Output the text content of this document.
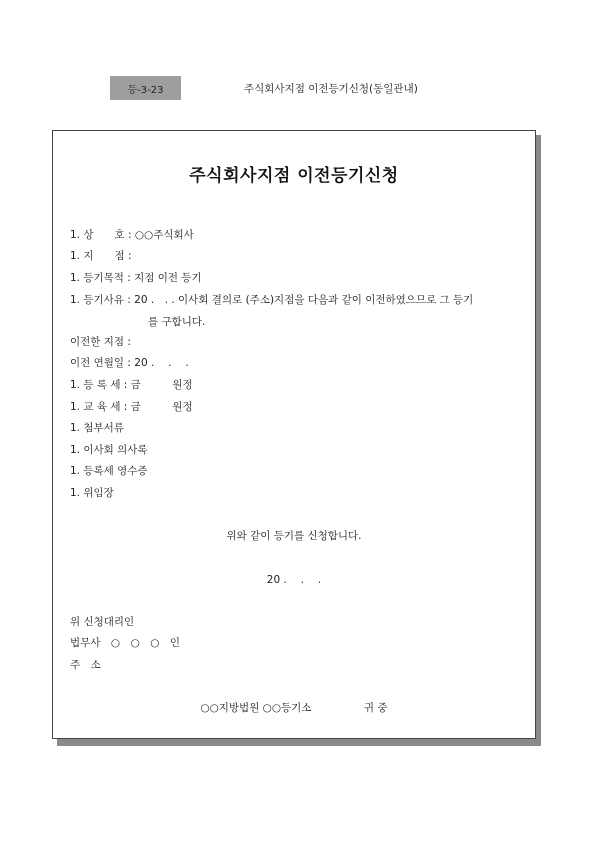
등-3-23	주식회사지점 이전등기신청(동일관내)
주식회사지점 이전등기신청
1. 상　　호 : ○○주식회사
1. 지　　점 :
1. 등기목적 : 지점 이전 등기
1. 등기사유 : 20 .　. . 이사회 결의로 (주소)지점을 다음과 같이 이전하였으므로 그 등기
를 구합니다.
이전한 지점 :
이전 연월일 : 20 .　 .　 .
1. 등 록 세 : 금　　　원정
1. 교 육 세 : 금　　　원정
1. 첨부서류
1. 이사회 의사록
1. 등록세 영수증
1. 위임장
위와 같이 등기를 신청합니다.
20 .　 .　 .
위 신청대리인
법무사　○　○　○　인
주　소
○○지방법원 ○○등기소　　　　　귀 중
